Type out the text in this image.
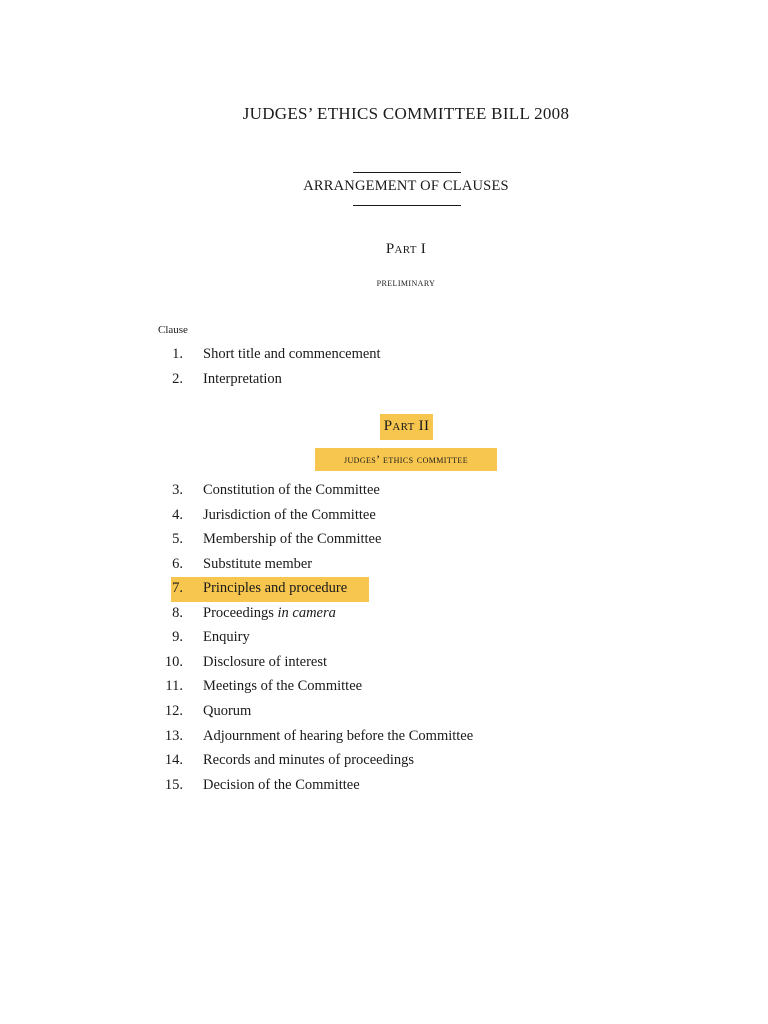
JUDGES’ ETHICS COMMITTEE BILL 2008
ARRANGEMENT OF CLAUSES
Part I
preliminary
Clause
1. Short title and commencement
2. Interpretation
Part II
judges’ ethics committee
3. Constitution of the Committee
4. Jurisdiction of the Committee
5. Membership of the Committee
6. Substitute member
7. Principles and procedure
8. Proceedings in camera
9. Enquiry
10. Disclosure of interest
11. Meetings of the Committee
12. Quorum
13. Adjournment of hearing before the Committee
14. Records and minutes of proceedings
15. Decision of the Committee
